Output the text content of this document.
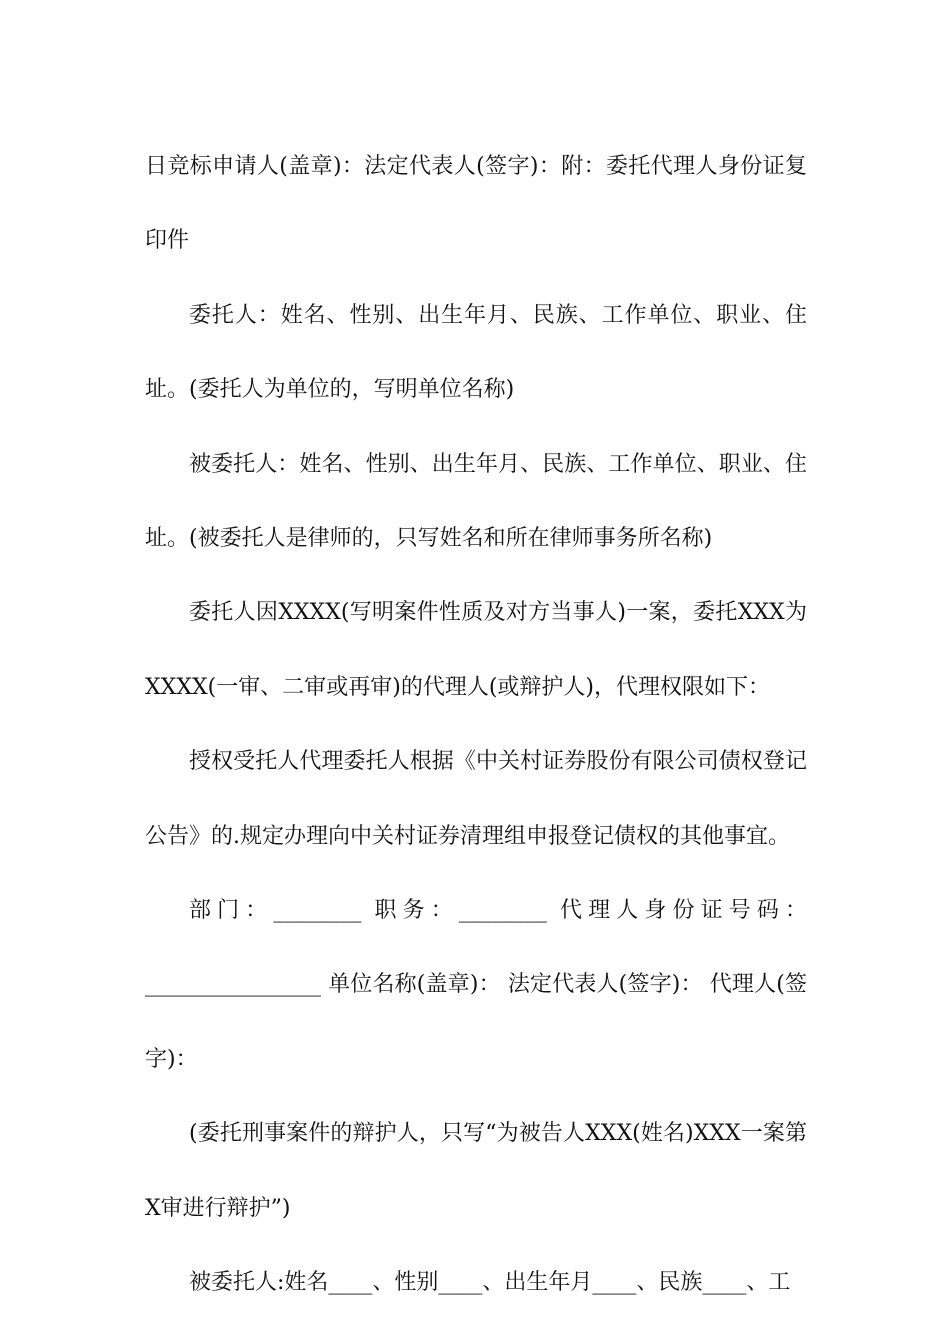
日竞标申请人(盖章)：法定代表人(签字)：附：委托代理人身份证复印件

委托人：姓名、性别、出生年月、民族、工作单位、职业、住址。(委托人为单位的，写明单位名称)

被委托人：姓名、性别、出生年月、民族、工作单位、职业、住址。(被委托人是律师的，只写姓名和所在律师事务所名称)

委托人因XXXX(写明案件性质及对方当事人)一案，委托XXX为XXXX(一审、二审或再审)的代理人(或辩护人)，代理权限如下：

授权受托人代理委托人根据《中关村证券股份有限公司债权登记公告》的.规定办理向中关村证券清理组申报登记债权的其他事宜。

部门：________ 职务：________ 代理人身份证号码：________________ 单位名称(盖章)： 法定代表人(签字)： 代理人(签字)：

(委托刑事案件的辩护人，只写“为被告人XXX(姓名)XXX一案第X审进行辩护”)

被委托人:姓名____、性别____、出生年月____、民族____、工
